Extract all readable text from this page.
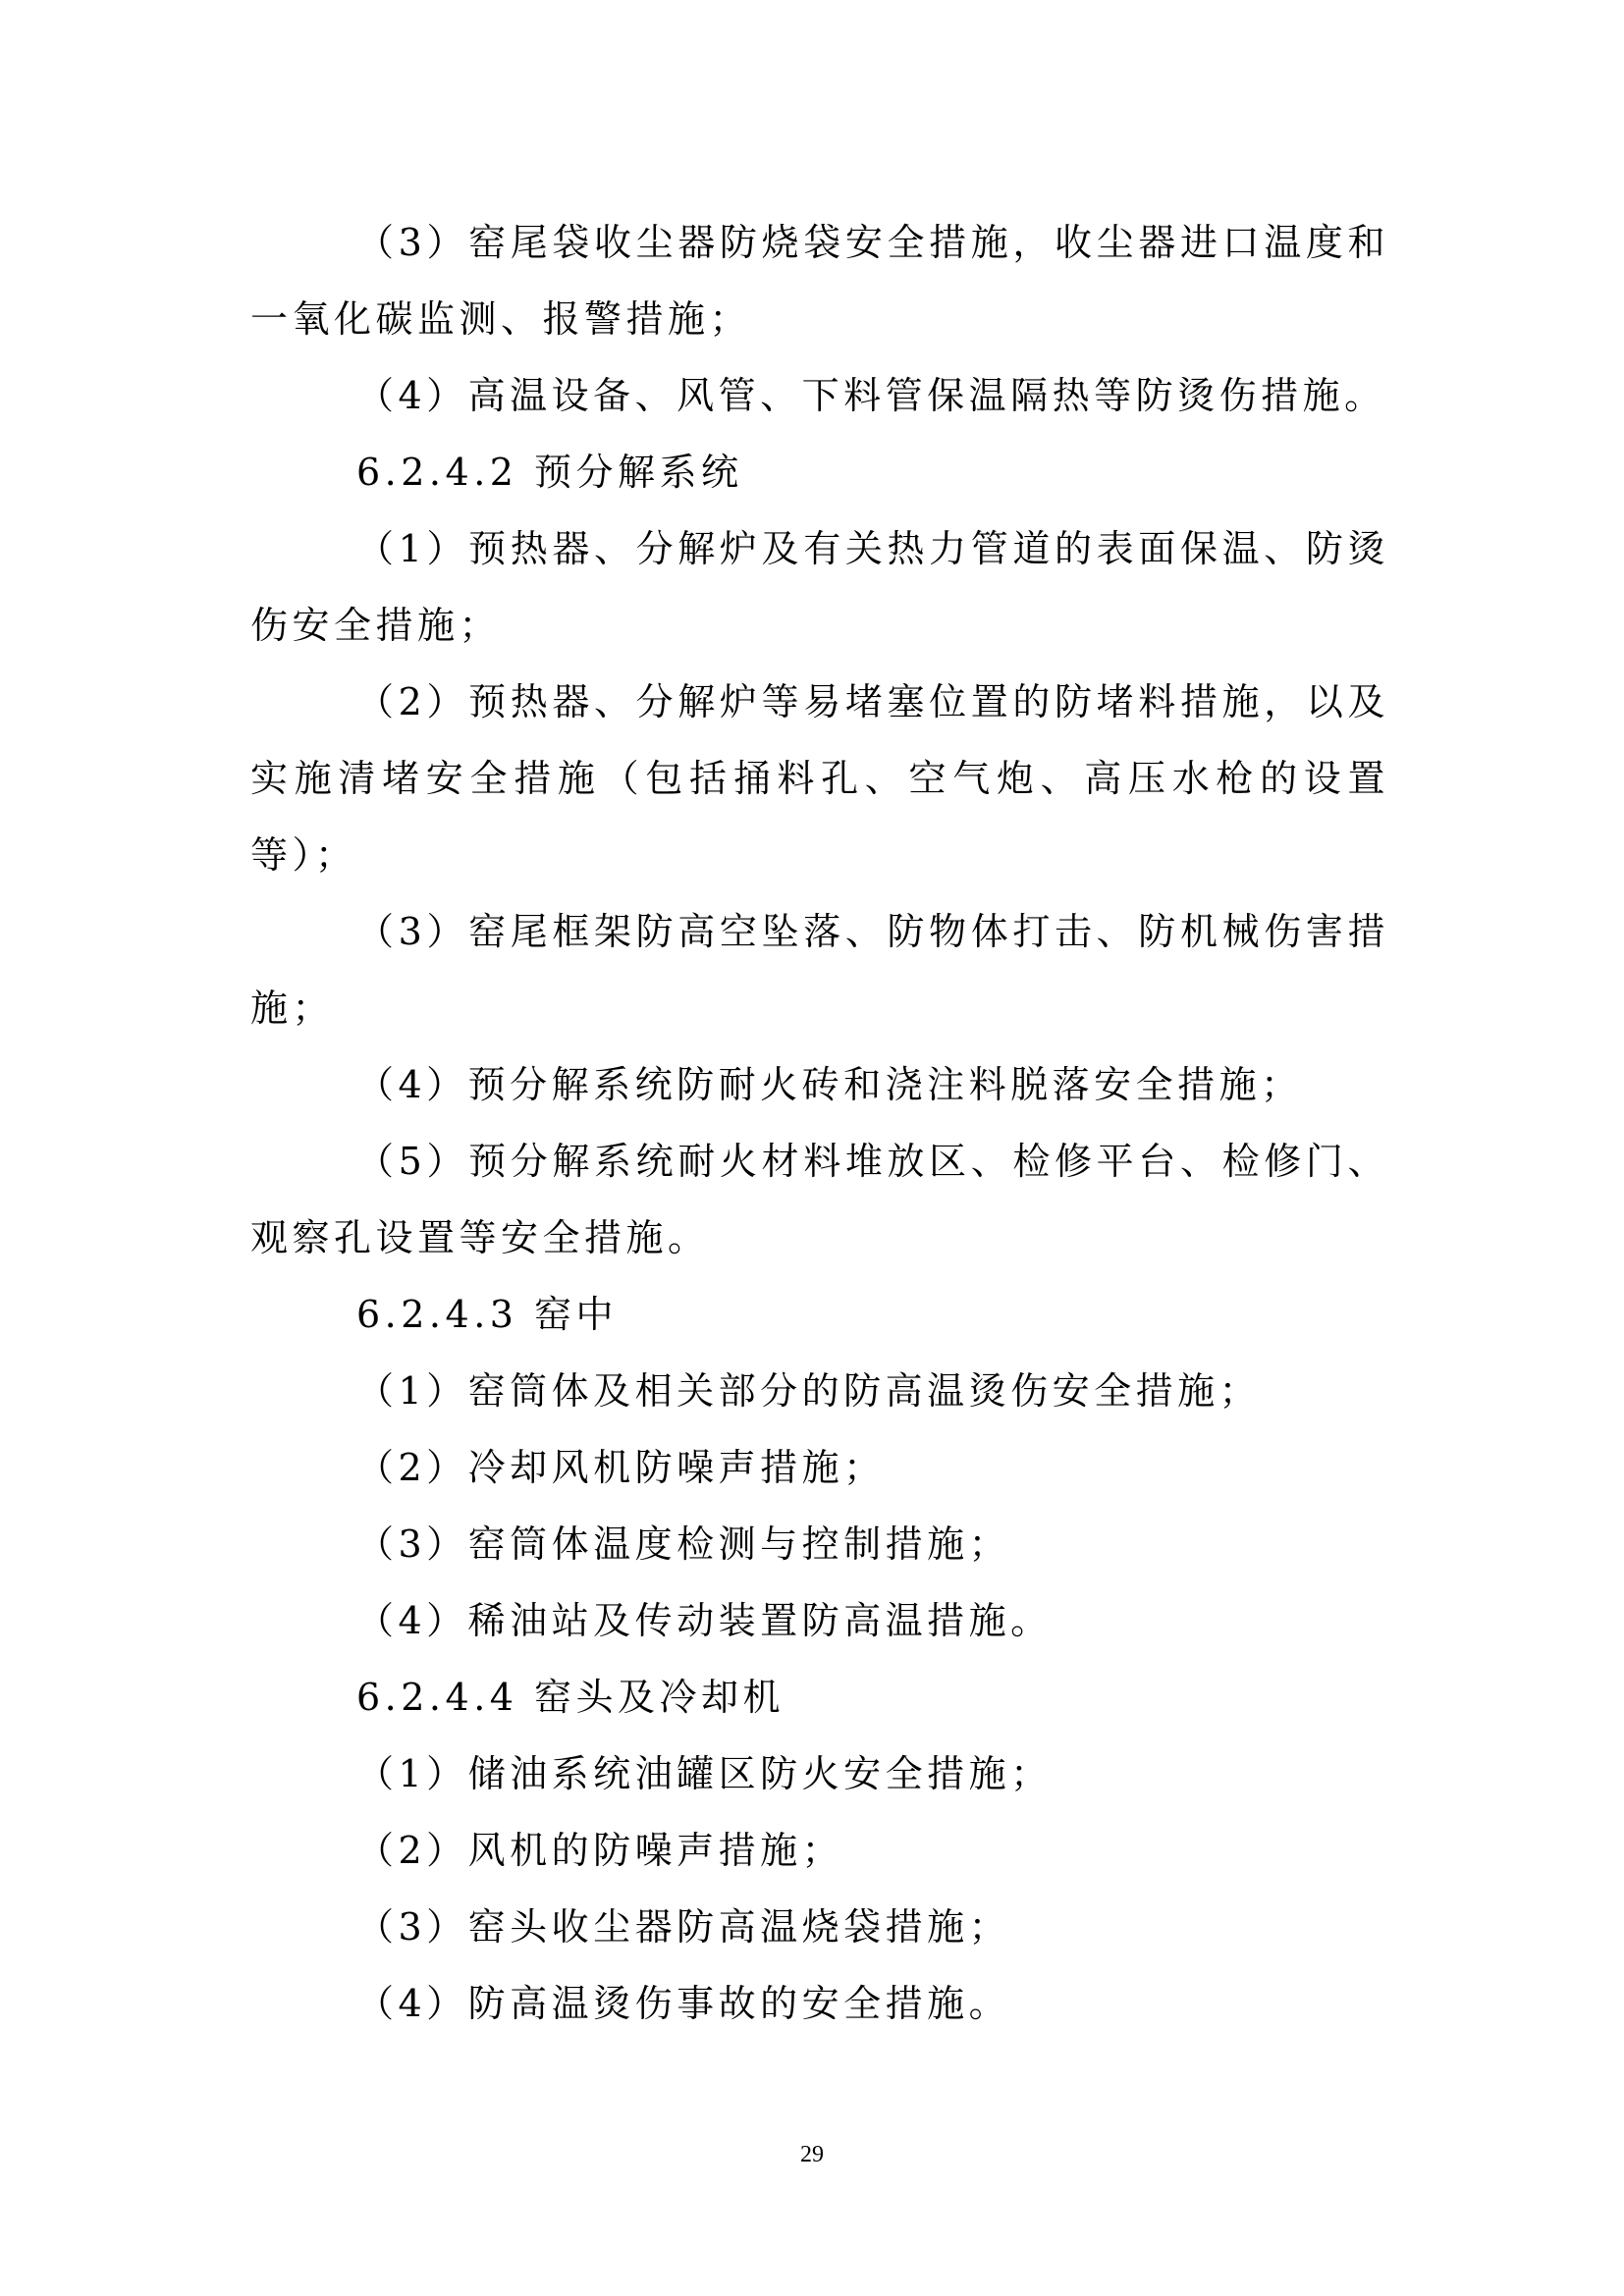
（3）窑尾袋收尘器防烧袋安全措施，收尘器进口温度和一氧化碳监测、报警措施；

（4）高温设备、风管、下料管保温隔热等防烫伤措施。

6.2.4.2 预分解系统

（1）预热器、分解炉及有关热力管道的表面保温、防烫伤安全措施；

（2）预热器、分解炉等易堵塞位置的防堵料措施，以及实施清堵安全措施（包括捅料孔、空气炮、高压水枪的设置等）；

（3）窑尾框架防高空坠落、防物体打击、防机械伤害措施；

（4）预分解系统防耐火砖和浇注料脱落安全措施；

（5）预分解系统耐火材料堆放区、检修平台、检修门、观察孔设置等安全措施。

6.2.4.3 窑中

（1）窑筒体及相关部分的防高温烫伤安全措施；

（2）冷却风机防噪声措施；

（3）窑筒体温度检测与控制措施；

（4）稀油站及传动装置防高温措施。

6.2.4.4 窑头及冷却机

（1）储油系统油罐区防火安全措施；

（2）风机的防噪声措施；

（3）窑头收尘器防高温烧袋措施；

（4）防高温烫伤事故的安全措施。

29
